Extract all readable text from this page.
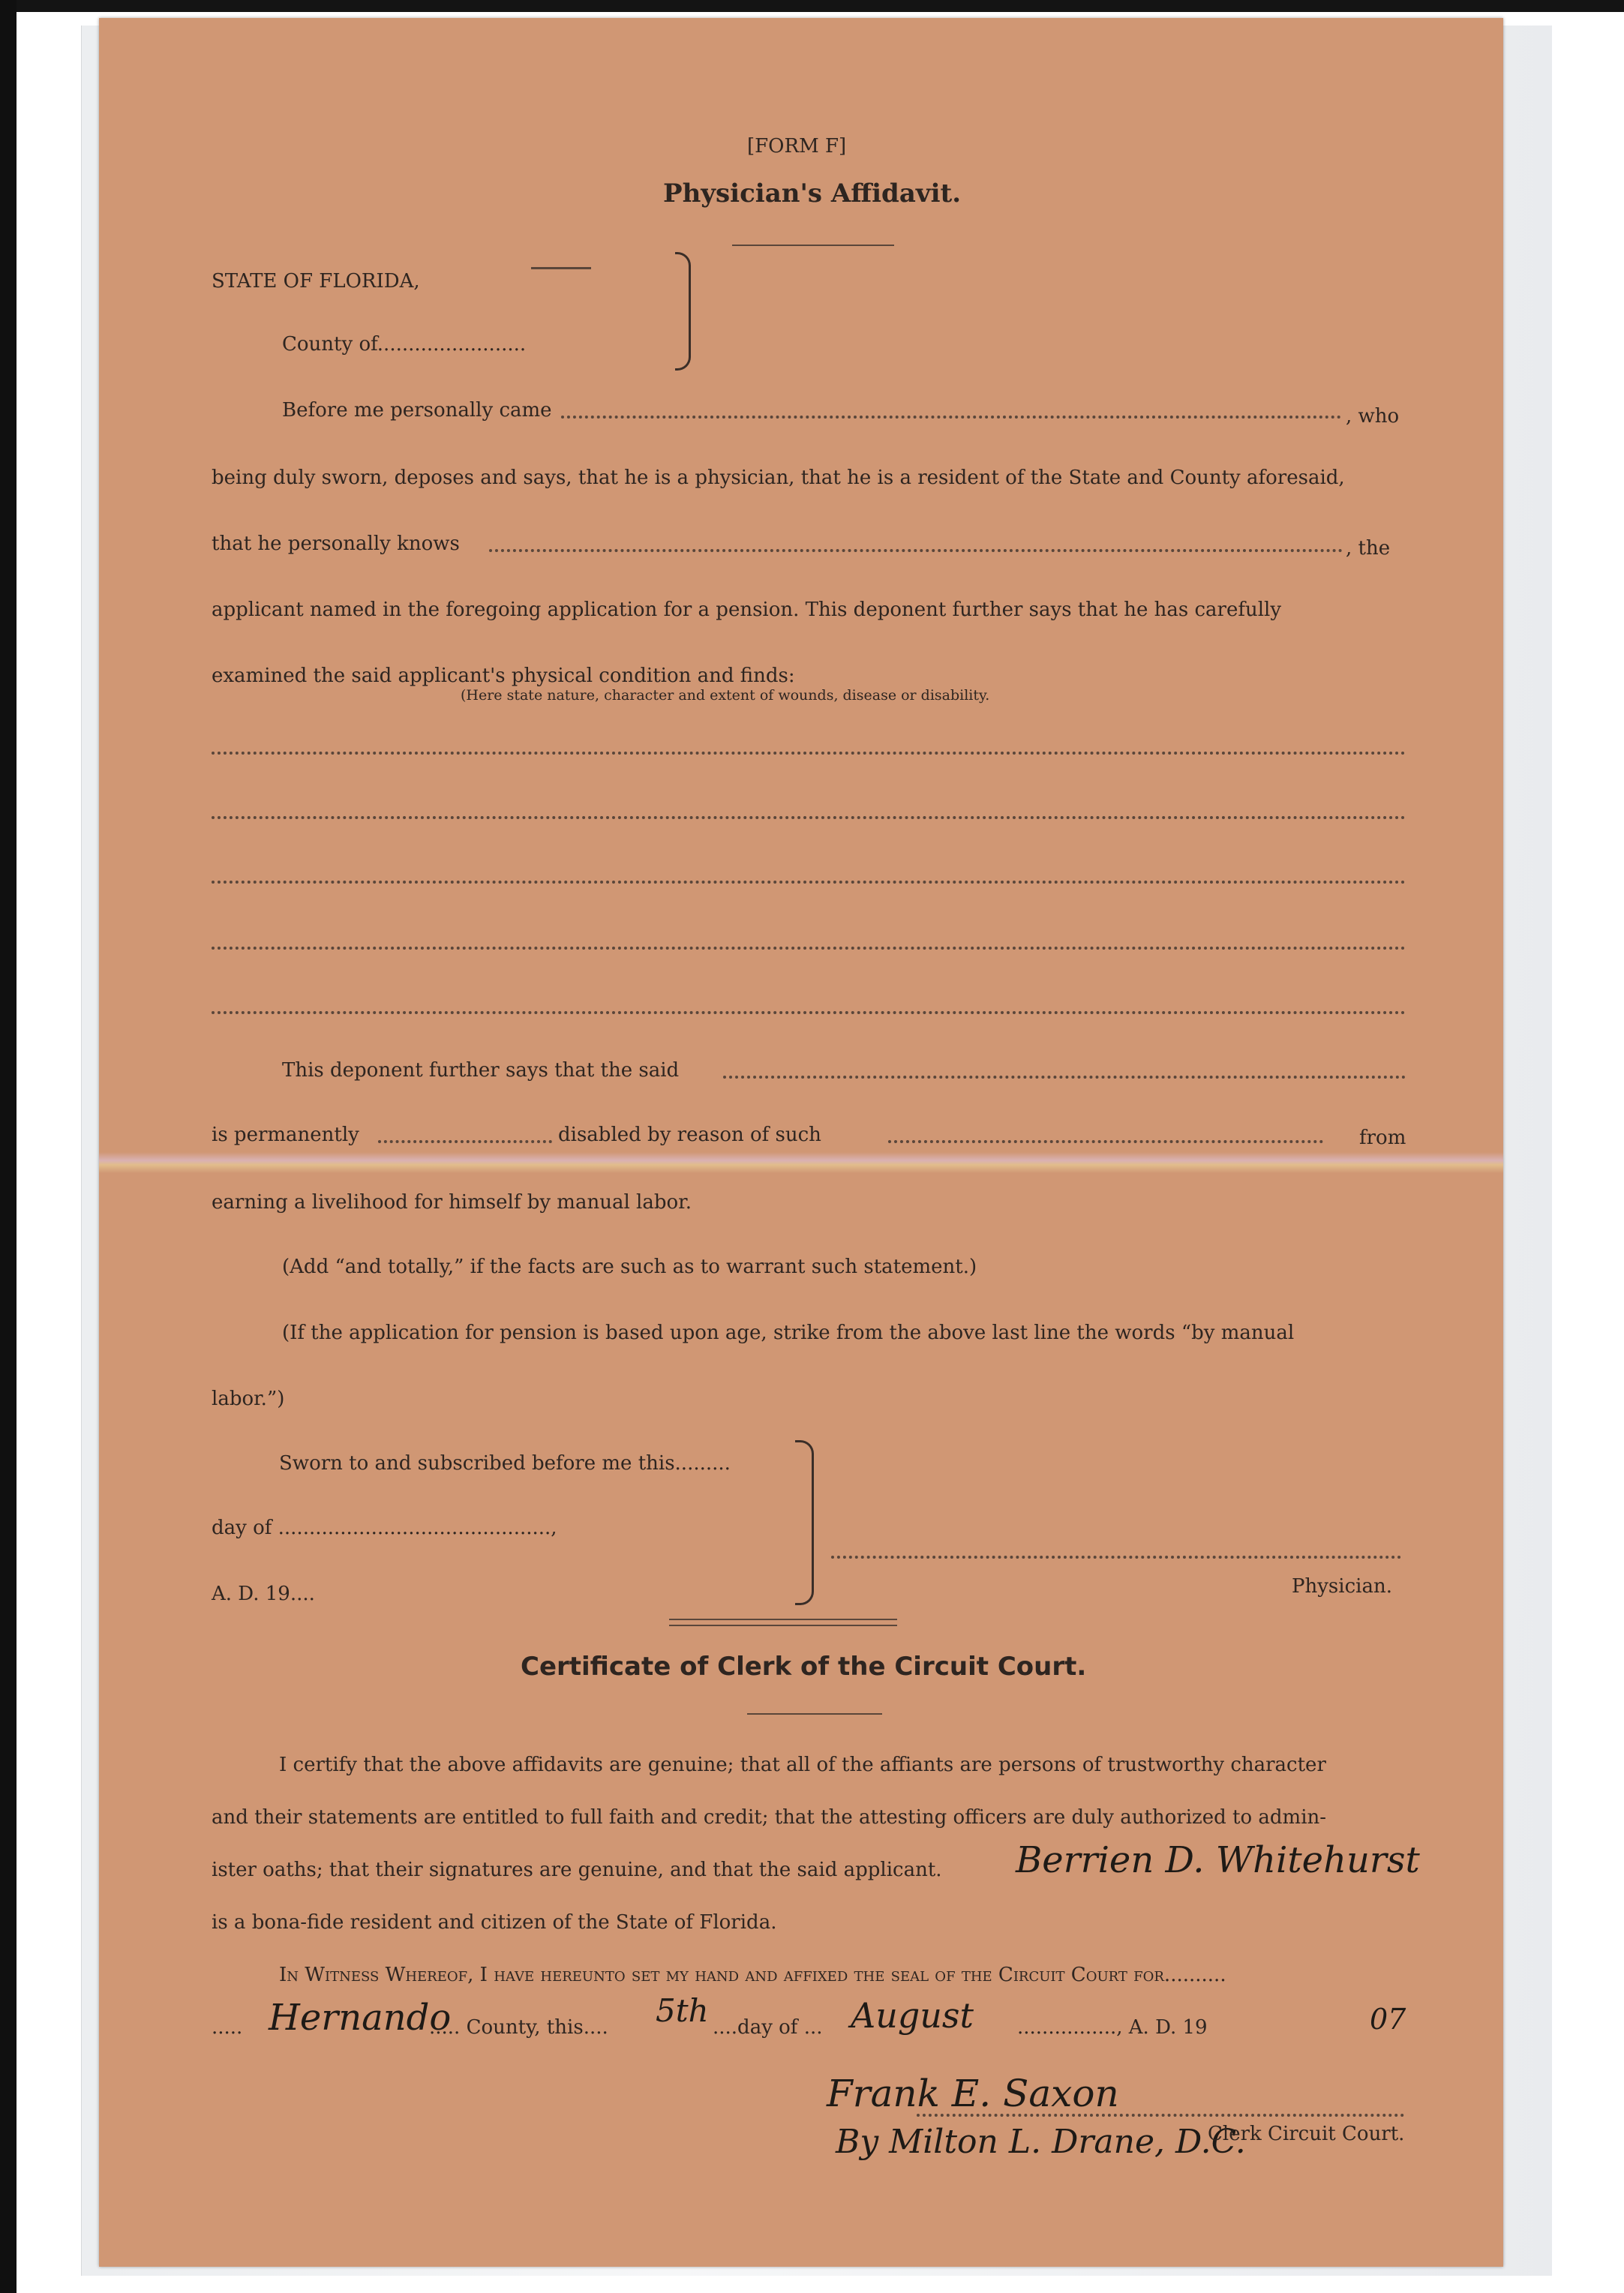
[FORM F]
Physician's Affidavit.
STATE OF FLORIDA,
County of........................
Before me personally came	, who
being duly sworn, deposes and says, that he is a physician, that he is a resident of the State and County aforesaid,
that he personally knows	, the
applicant named in the foregoing application for a pension. This deponent further says that he has carefully
examined the said applicant's physical condition and finds:
(Here state nature, character and extent of wounds, disease or disability.
This deponent further says that the said
is permanently	disabled by reason of such	from
earning a livelihood for himself by manual labor.
(Add “and totally,” if the facts are such as to warrant such statement.)
(If the application for pension is based upon age, strike from the above last line the words “by manual
labor.”)
Sworn to and subscribed before me this.........
day of ............................................,
A. D. 19....	Physician.
Certificate of Clerk of the Circuit Court.
I certify that the above affidavits are genuine; that all of the affiants are persons of trustworthy character
and their statements are entitled to full faith and credit; that the attesting officers are duly authorized to admin-
ister oaths; that their signatures are genuine, and that the said applicant. Berrien D. Whitehurst
is a bona-fide resident and citizen of the State of Florida.
In Witness Whereof, I have hereunto set my hand and affixed the seal of the Circuit Court for..........
..... Hernando
..... County, this.... 5th ....day of ... August ................, A. D. 19	07
Frank E. Saxon
By Milton L. Drane, D.C.
Clerk Circuit Court.
